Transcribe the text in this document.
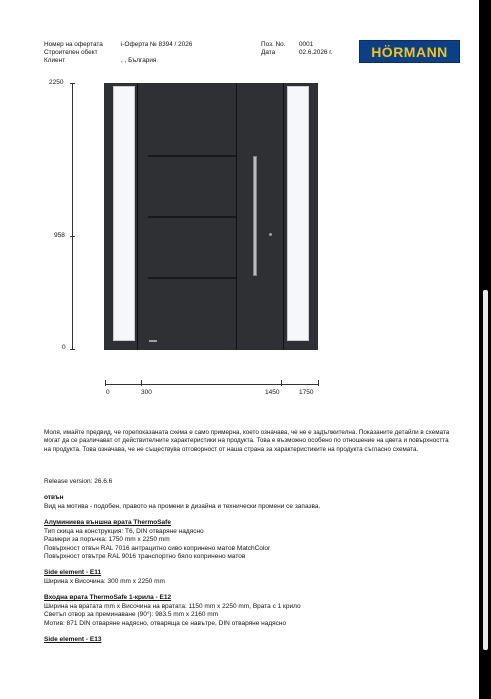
Номер на офертата	i-Оферта № 8394 / 2026
Строителен обект
Клиент	, , България
Поз. No. 0001
Дата	02.6.2026 г.	HÖRMANN
2250
958
0
0	300	1450	1750
Моля, имайте предвид, че горепоказаната схема е само примерна, което означава, че не е задължителна. Показаните детайли в схемата могат да се различават от действителните характеристики на продукта. Това е възможно особено по отношение на цвета и повърхността на продукта. Това означава, че не съществува отговорност от наша страна за характеристиките на продукта съгласно схемата.
Release version: 26.6.6
отвън
Вид на мотива - подобен, правото на промени в дизайна и технически промени се запазва.
Алуминиева външна врата ThermoSafe
Тип скица на конструкция: T6, DIN отваряне надясно
Размери за поръчка: 1750 mm x 2250 mm
Повърхност отвън RAL 7016 антрацитно сиво коприненo матов MatchColor
Повърхност отвътре RAL 9016 транспортно бяло копринено матов
Side element - E11
Ширина x Височина: 300 mm x 2250 mm
Входна врата ThermoSafe 1-крила - E12
Ширина на вратата mm x Височина на вратата: 1150 mm x 2250 mm, Врата с 1 крило
Светъл отвор за преминаване (90°): 983.5 mm x 2160 mm
Мотив: 871 DIN отваряне надясно, отваряща се навътре, DIN отваряне надясно
Side element - E13
